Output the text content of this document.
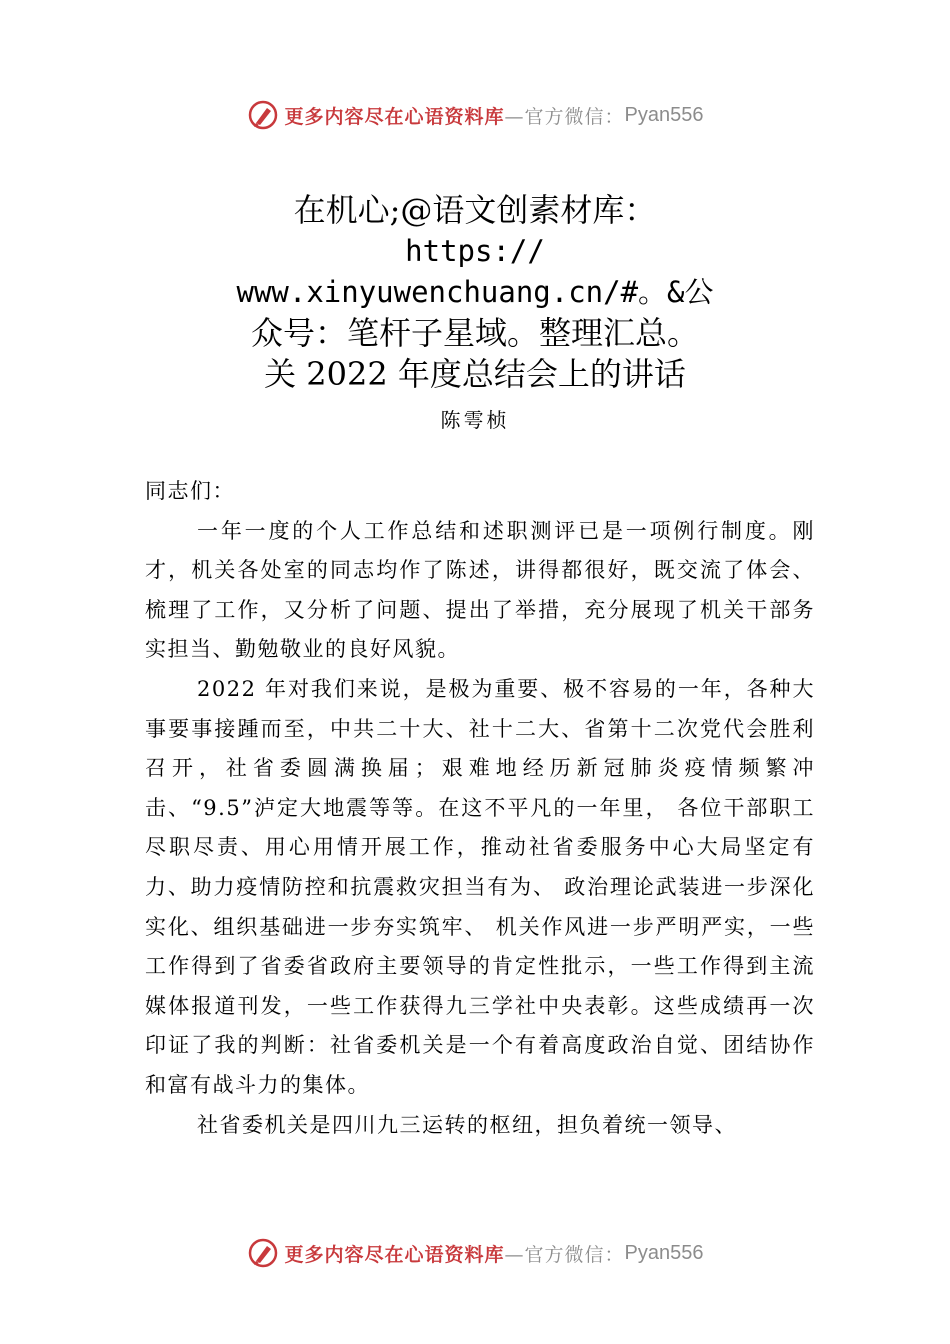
更多内容尽在心语资料库 —官方微信： Pyan556
在机心;@语文创素材库：
https://
www.xinyuwenchuang.cn/#。&公
众号：笔杆子星域。整理汇总。
关 2022 年度总结会上的讲话
陈雩桢

同志们：

一年一度的个人工作总结和述职测评已是一项例行制度。刚才，机关各处室的同志均作了陈述，讲得都很好，既交流了体会、梳理了工作，又分析了问题、提出了举措，充分展现了机关干部务实担当、勤勉敬业的良好风貌。

2022 年对我们来说，是极为重要、极不容易的一年，各种大事要事接踵而至，中共二十大、社十二大、省第十二次党代会胜利召开，社省委圆满换届；艰难地经历新冠肺炎疫情频繁冲击、“9.5”泸定大地震等等。在这不平凡的一年里， 各位干部职工尽职尽责、用心用情开展工作，推动社省委服务中心大局坚定有力、助力疫情防控和抗震救灾担当有为、 政治理论武装进一步深化实化、组织基础进一步夯实筑牢、 机关作风进一步严明严实，一些工作得到了省委省政府主要领导的肯定性批示，一些工作得到主流媒体报道刊发，一些工作获得九三学社中央表彰。这些成绩再一次印证了我的判断：社省委机关是一个有着高度政治自觉、团结协作和富有战斗力的集体。

社省委机关是四川九三运转的枢纽，担负着统一领导、

更多内容尽在心语资料库 —官方微信： Pyan556
